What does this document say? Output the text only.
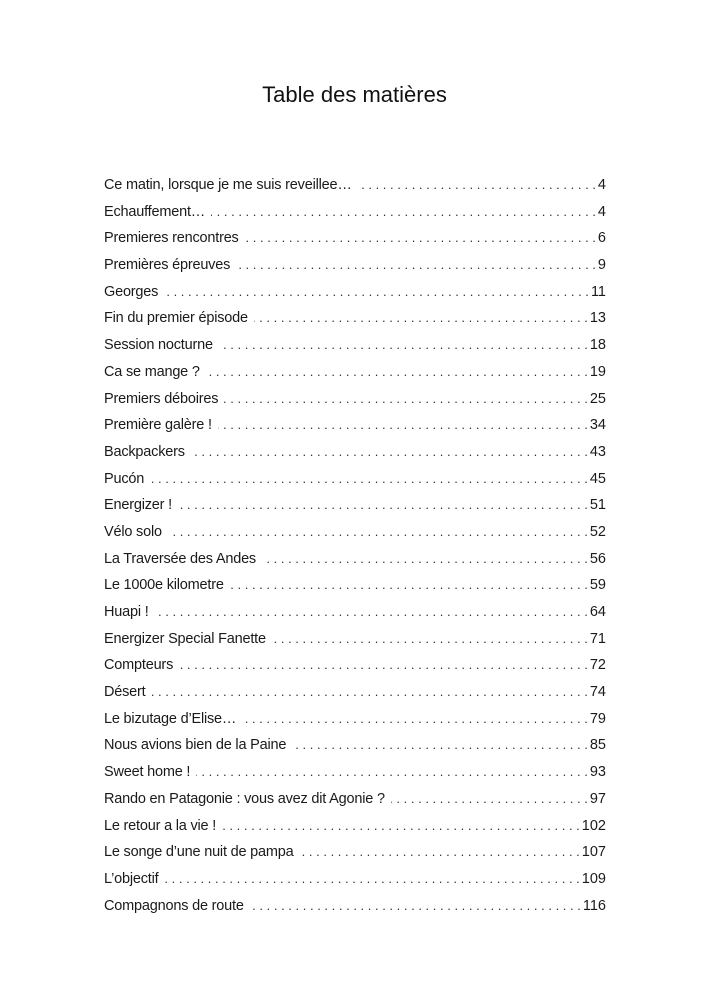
Table des matières
Ce matin, lorsque je me suis reveillee… . . .	4
Echauffement… . . .	4
Premieres rencontres . . .	6
Premières épreuves . . .	9
Georges . . .	11
Fin du premier épisode . . .	13
Session nocturne . . .	18
Ca se mange ? . . .	19
Premiers déboires . . .	25
Première galère ! . . .	34
Backpackers . . .	43
Pucón . . .	45
Energizer ! . . .	51
Vélo solo . . .	52
La Traversée des Andes . . .	56
Le 1000e kilometre . . .	59
Huapi ! . . .	64
Energizer Special Fanette . . .	71
Compteurs . . .	72
Désert . . .	74
Le bizutage d’Elise… . . .	79
Nous avions bien de la Paine . . .	85
Sweet home ! . . .	93
Rando en Patagonie : vous avez dit Agonie ? . . .	97
Le retour a la vie ! . . .	102
Le songe d’une nuit de pampa . . .	107
L’objectif . . .	109
Compagnons de route . . .	116
